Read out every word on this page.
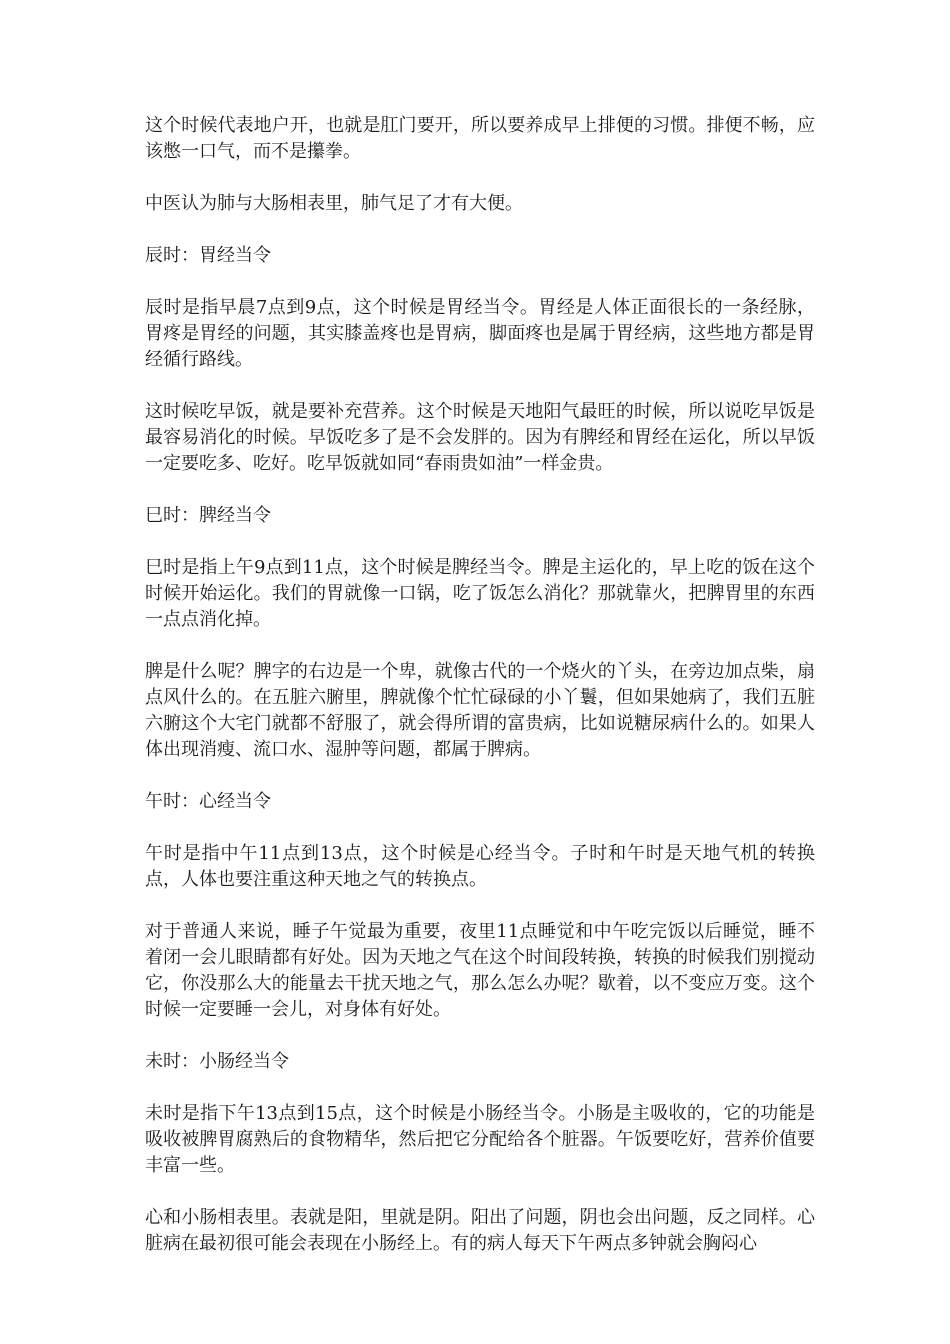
这个时候代表地户开，也就是肛门要开，所以要养成早上排便的习惯。排便不畅，应该憋一口气，而不是攥拳。

中医认为肺与大肠相表里，肺气足了才有大便。

辰时：胃经当令

辰时是指早晨7点到9点，这个时候是胃经当令。胃经是人体正面很长的一条经脉，胃疼是胃经的问题，其实膝盖疼也是胃病，脚面疼也是属于胃经病，这些地方都是胃经循行路线。

这时候吃早饭，就是要补充营养。这个时候是天地阳气最旺的时候，所以说吃早饭是最容易消化的时候。早饭吃多了是不会发胖的。因为有脾经和胃经在运化，所以早饭一定要吃多、吃好。吃早饭就如同“春雨贵如油”一样金贵。

巳时：脾经当令

巳时是指上午9点到11点，这个时候是脾经当令。脾是主运化的，早上吃的饭在这个时候开始运化。我们的胃就像一口锅，吃了饭怎么消化？那就靠火，把脾胃里的东西一点点消化掉。

脾是什么呢？脾字的右边是一个卑，就像古代的一个烧火的丫头，在旁边加点柴，扇点风什么的。在五脏六腑里，脾就像个忙忙碌碌的小丫鬟，但如果她病了，我们五脏六腑这个大宅门就都不舒服了，就会得所谓的富贵病，比如说糖尿病什么的。如果人体出现消瘦、流口水、湿肿等问题，都属于脾病。

午时：心经当令

午时是指中午11点到13点，这个时候是心经当令。子时和午时是天地气机的转换点，人体也要注重这种天地之气的转换点。

对于普通人来说，睡子午觉最为重要，夜里11点睡觉和中午吃完饭以后睡觉，睡不着闭一会儿眼睛都有好处。因为天地之气在这个时间段转换，转换的时候我们别搅动它，你没那么大的能量去干扰天地之气，那么怎么办呢？歇着，以不变应万变。这个时候一定要睡一会儿，对身体有好处。

未时：小肠经当令

未时是指下午13点到15点，这个时候是小肠经当令。小肠是主吸收的，它的功能是吸收被脾胃腐熟后的食物精华，然后把它分配给各个脏器。午饭要吃好，营养价值要丰富一些。

心和小肠相表里。表就是阳，里就是阴。阳出了问题，阴也会出问题，反之同样。心脏病在最初很可能会表现在小肠经上。有的病人每天下午两点多钟就会胸闷心
